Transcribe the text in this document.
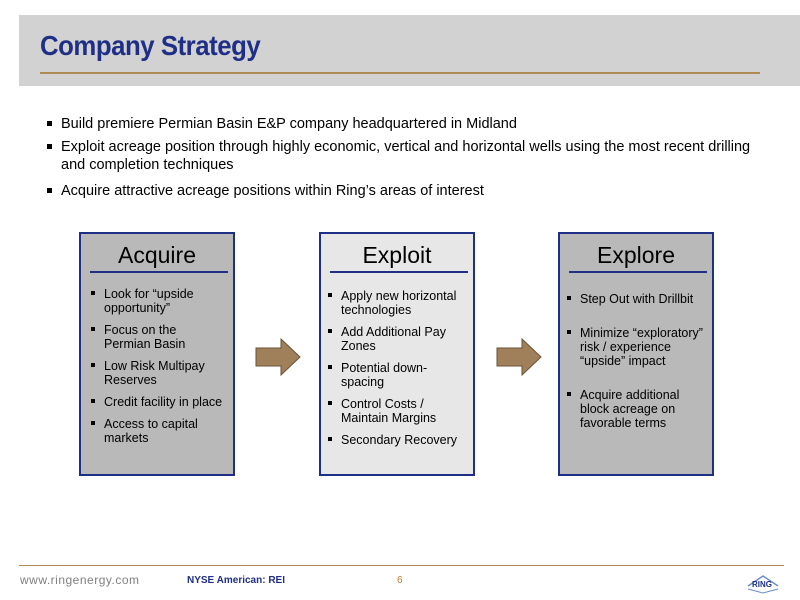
Company Strategy
Build premiere Permian Basin E&P company headquartered in Midland
Exploit acreage position through highly economic, vertical and horizontal wells using the most recent drilling and completion techniques
Acquire attractive acreage positions within Ring’s areas of interest
Acquire
Look for “upside opportunity”
Focus on the Permian Basin
Low Risk Multipay Reserves
Credit facility in place
Access to capital markets
Exploit
Apply new horizontal technologies
Add Additional Pay Zones
Potential down-spacing
Control Costs / Maintain Margins
Secondary Recovery
Explore
Step Out with Drillbit
Minimize “exploratory” risk / experience “upside” impact
Acquire additional block acreage on favorable terms
www.ringenergy.com	NYSE American: REI	6	RING
